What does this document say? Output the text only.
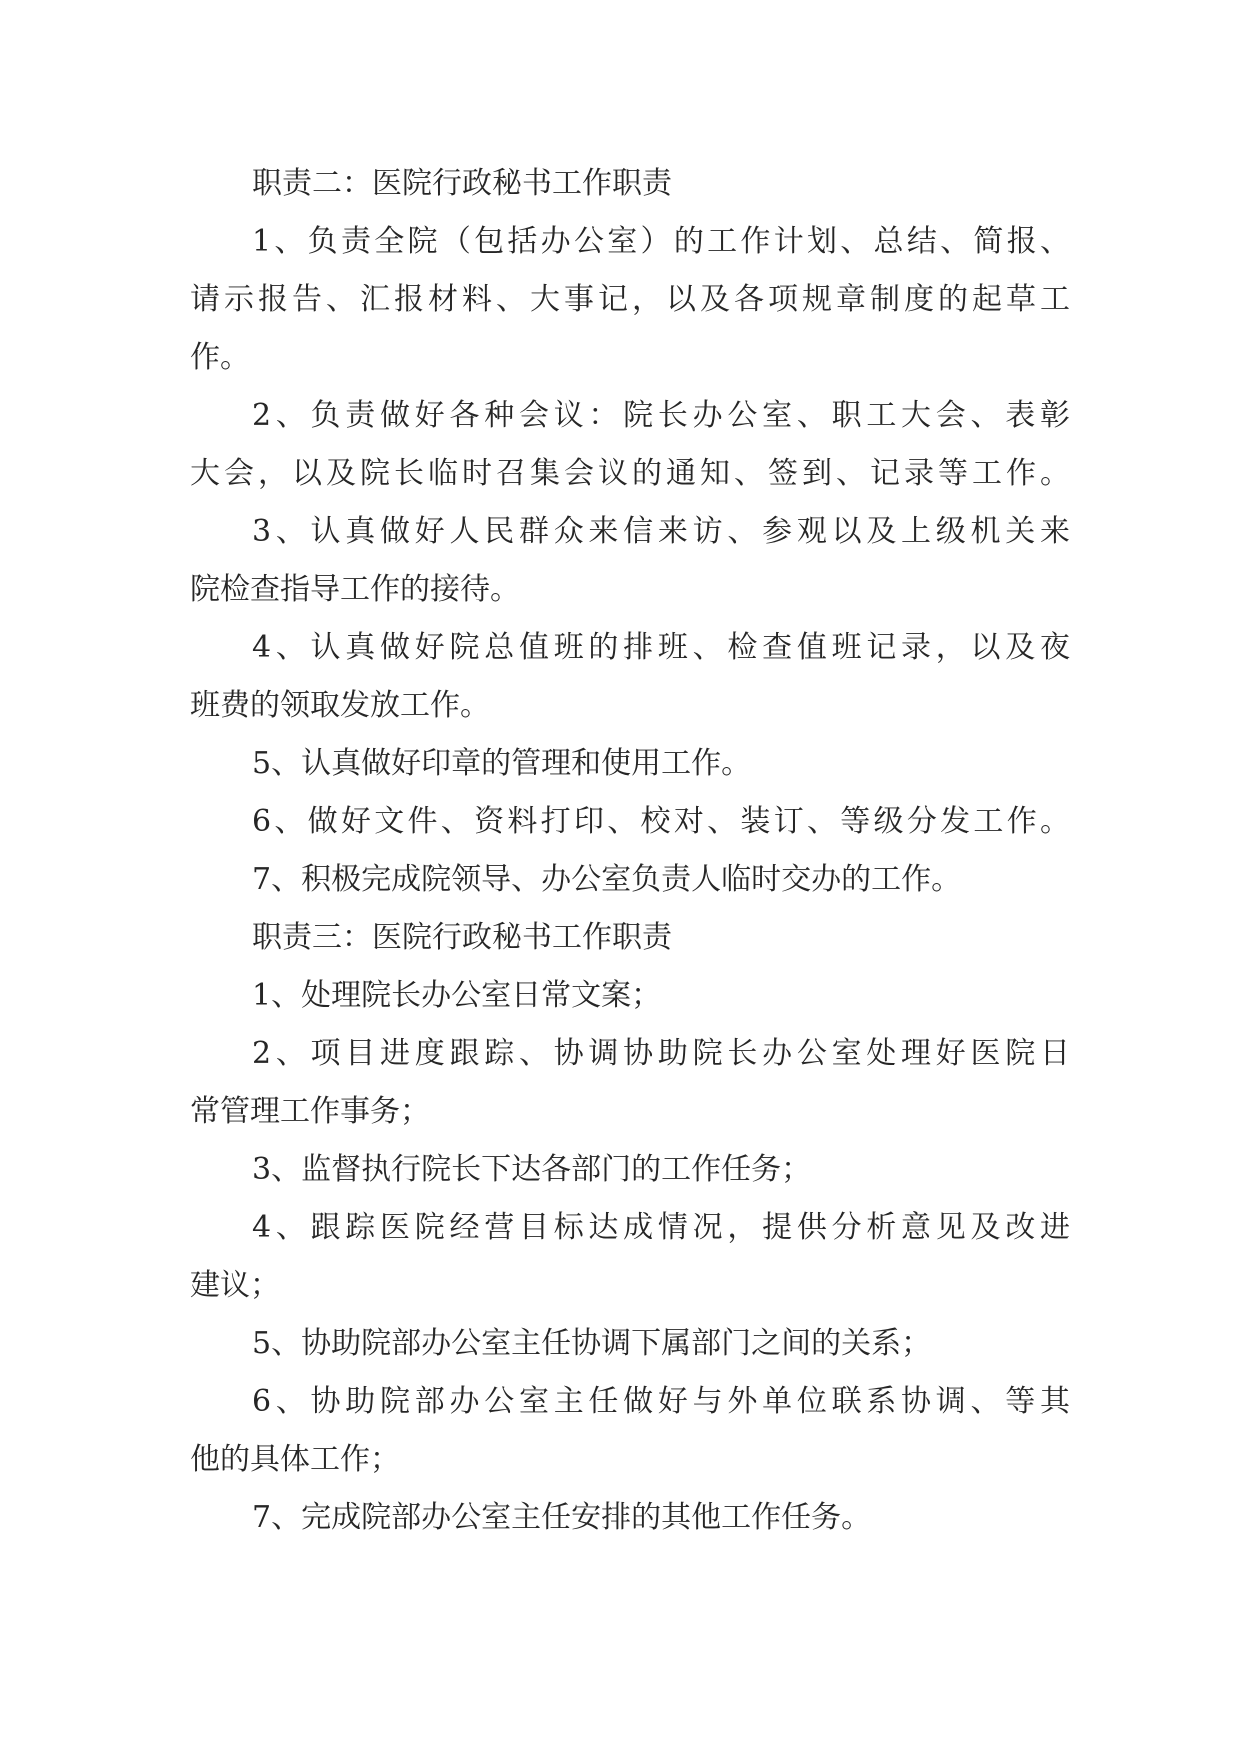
职责二：医院行政秘书工作职责
1、负责全院（包括办公室）的工作计划、总结、简报、
请示报告、汇报材料、大事记，以及各项规章制度的起草工
作。
2、负责做好各种会议：院长办公室、职工大会、表彰
大会，以及院长临时召集会议的通知、签到、记录等工作。
3、认真做好人民群众来信来访、参观以及上级机关来
院检查指导工作的接待。
4、认真做好院总值班的排班、检查值班记录，以及夜
班费的领取发放工作。
5、认真做好印章的管理和使用工作。
6、做好文件、资料打印、校对、装订、等级分发工作。
7、积极完成院领导、办公室负责人临时交办的工作。
职责三：医院行政秘书工作职责
1、处理院长办公室日常文案；
2、项目进度跟踪、协调协助院长办公室处理好医院日
常管理工作事务；
3、监督执行院长下达各部门的工作任务；
4、跟踪医院经营目标达成情况，提供分析意见及改进
建议；
5、协助院部办公室主任协调下属部门之间的关系；
6、协助院部办公室主任做好与外单位联系协调、等其
他的具体工作；
7、完成院部办公室主任安排的其他工作任务。
